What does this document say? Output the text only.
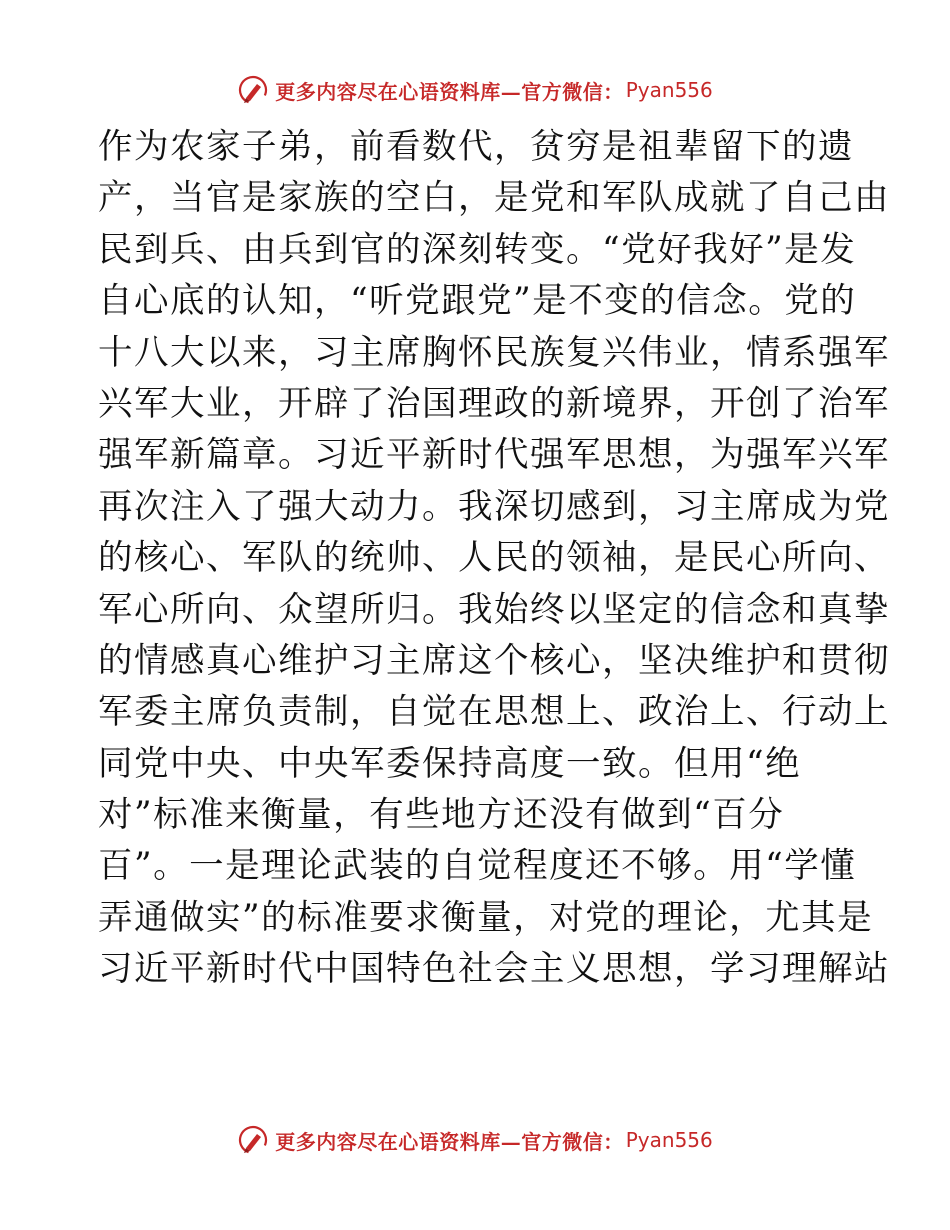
更多内容尽在心语资料库—官方微信： Pyan556
作为农家子弟，前看数代，贫穷是祖辈留下的遗
产，当官是家族的空白，是党和军队成就了自己由
民到兵、由兵到官的深刻转变。“党好我好”是发
自心底的认知，“听党跟党”是不变的信念。党的
十八大以来，习主席胸怀民族复兴伟业，情系强军
兴军大业，开辟了治国理政的新境界，开创了治军
强军新篇章。习近平新时代强军思想，为强军兴军
再次注入了强大动力。我深切感到，习主席成为党
的核心、军队的统帅、人民的领袖，是民心所向、
军心所向、众望所归。我始终以坚定的信念和真挚
的情感真心维护习主席这个核心，坚决维护和贯彻
军委主席负责制，自觉在思想上、政治上、行动上
同党中央、中央军委保持高度一致。但用“绝
对”标准来衡量，有些地方还没有做到“百分
百”。一是理论武装的自觉程度还不够。用“学懂
弄通做实”的标准要求衡量，对党的理论，尤其是
习近平新时代中国特色社会主义思想，学习理解站
更多内容尽在心语资料库—官方微信： Pyan556
